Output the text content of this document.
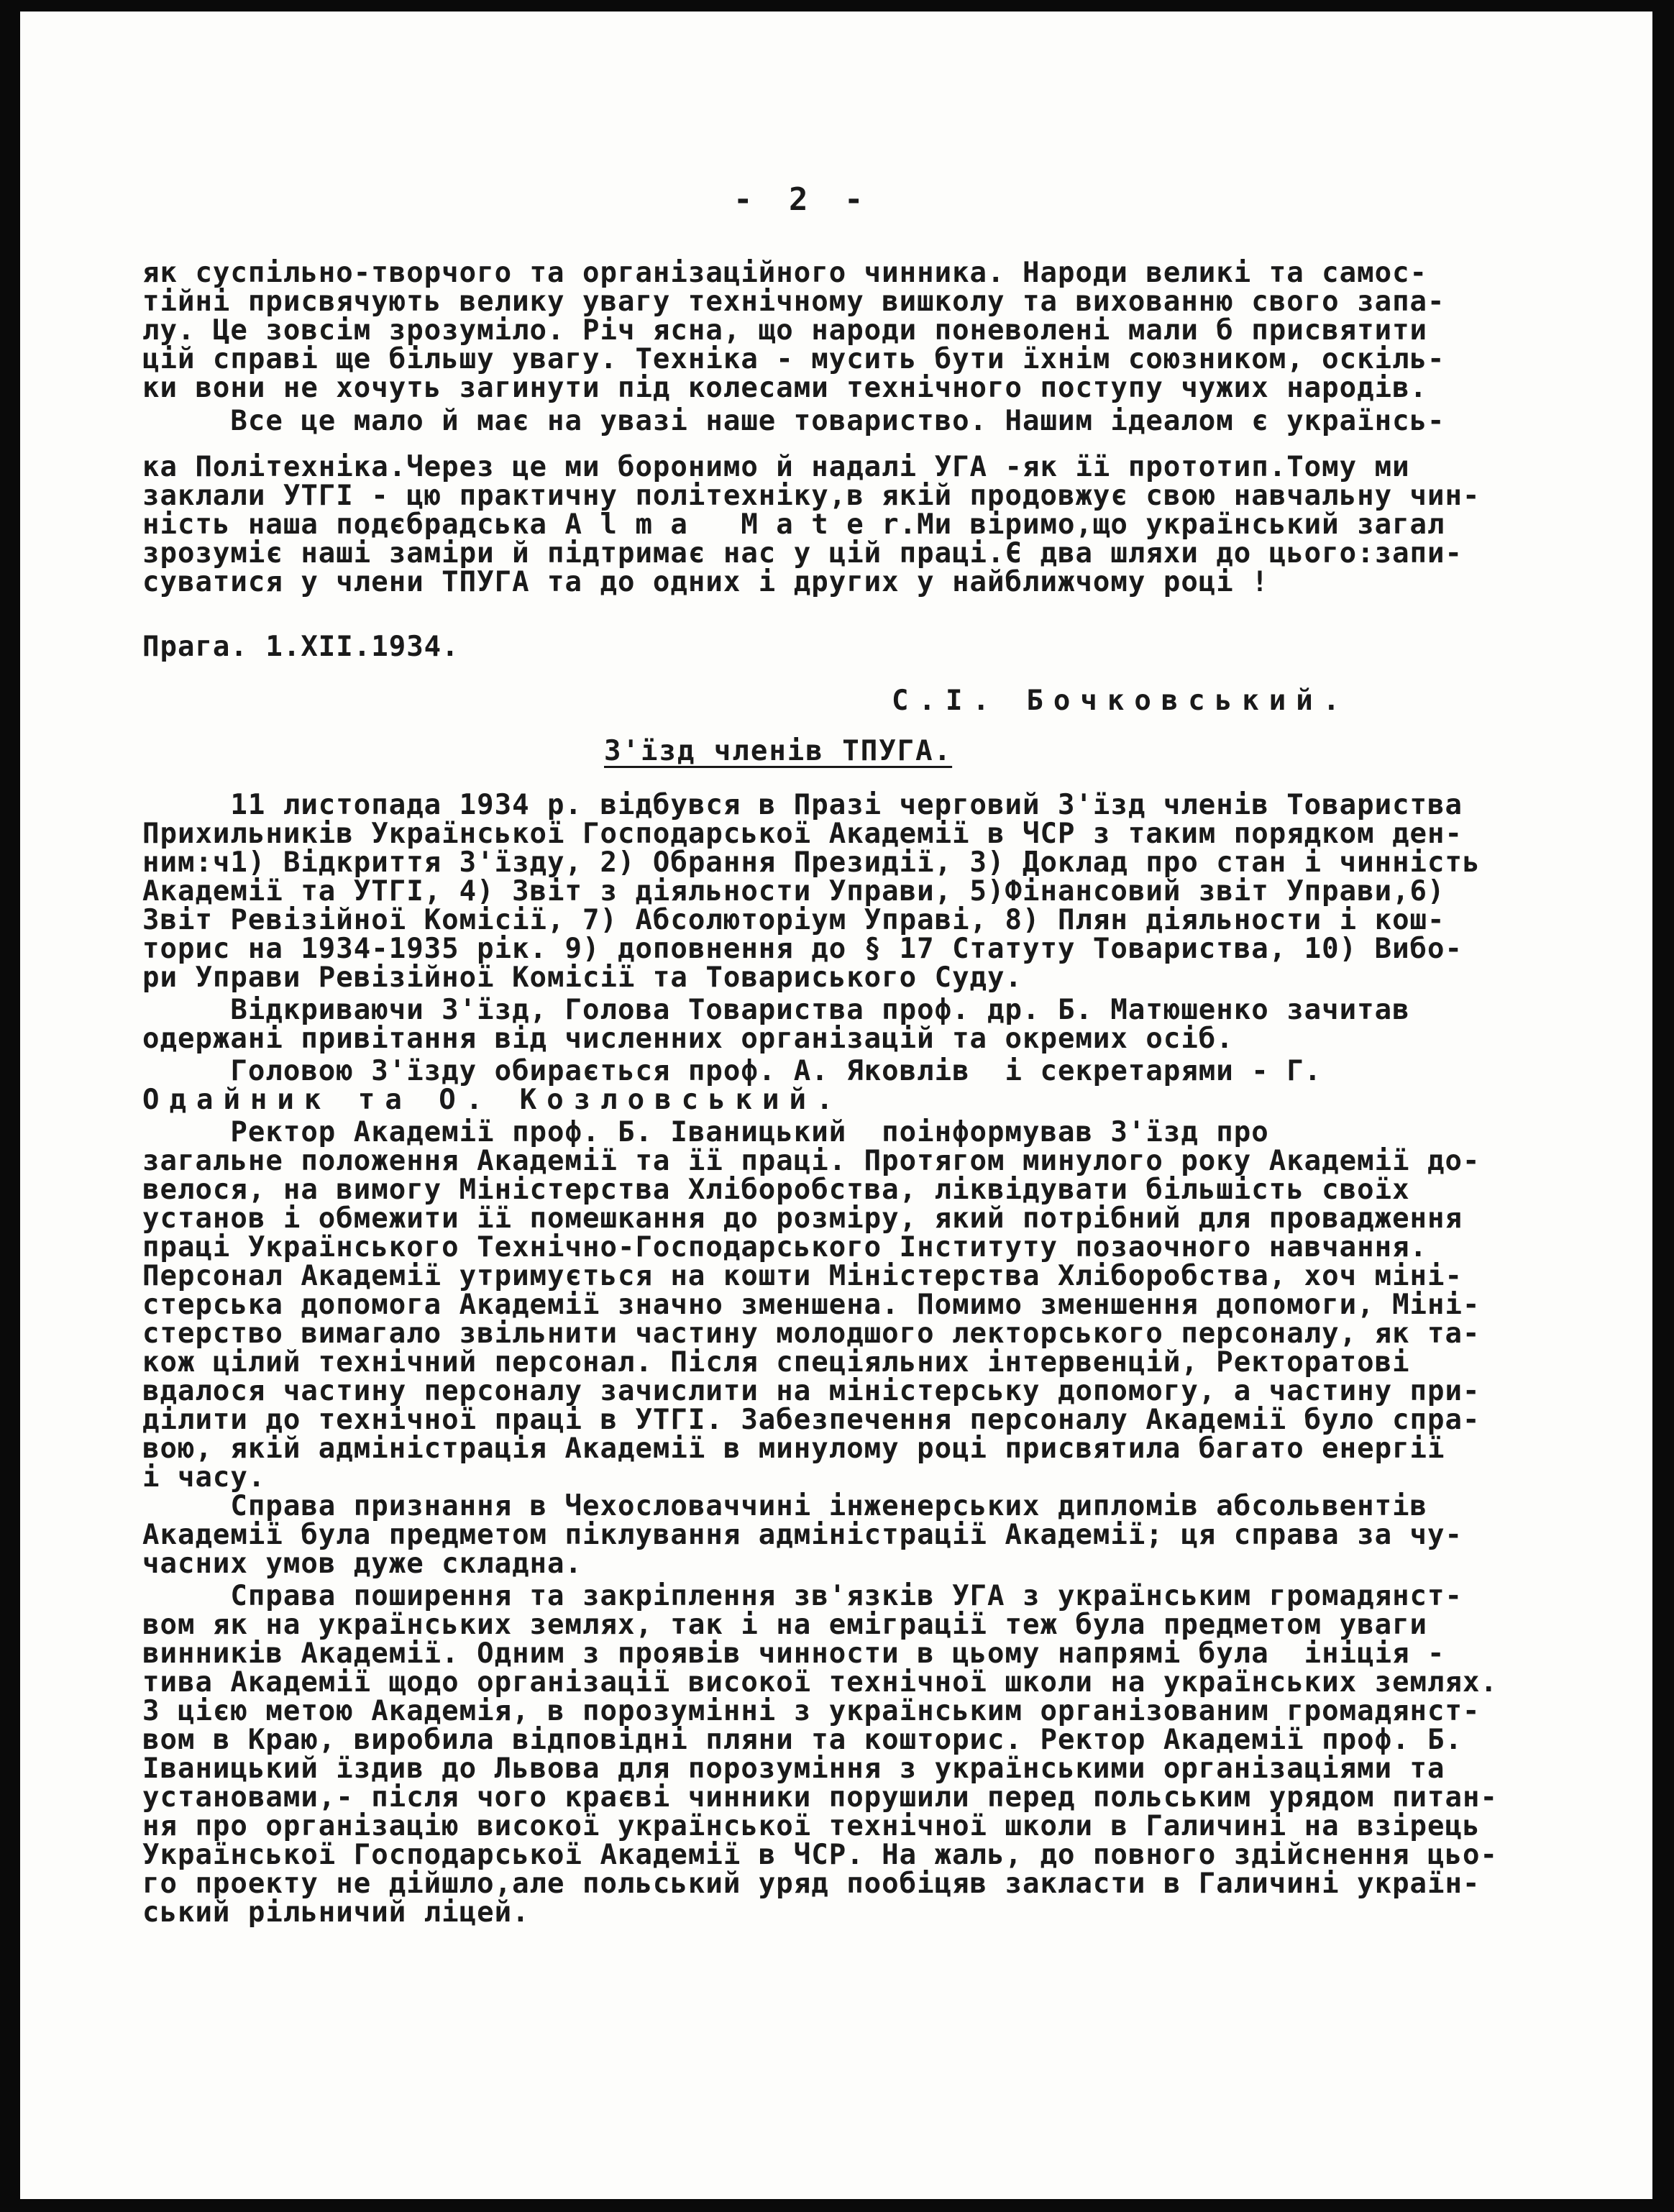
- 2 -
як суспільно-творчого та організаційного чинника. Народи великі та самос-
тійні присвячують велику увагу технічному вишколу та вихованню свого запа-
лу. Це зовсім зрозуміло. Річ ясна, що народи поневолені мали б присвятити
цій справі ще більшу увагу. Техніка - мусить бути їхнім союзником, оскіль-
ки вони не хочуть загинути під колесами технічного поступу чужих народів.
Все це мало й має на увазі наше товариство. Нашим ідеалом є українсь-
ка Політехніка.Через це ми боронимо й надалі УГА -як її прототип.Тому ми
заклали УТГІ - цю практичну політехніку,в якій продовжує свою навчальну чин-
ність наша подєбрадська А l m a   M a t e r.Ми віримо,що український загал
зрозуміє наші заміри й підтримає нас у цій праці.Є два шляхи до цього:запи-
суватися у члени ТПУГА та до одних і других у найближчому році !
Прага. 1.XII.1934.
С.І. Бочковський.
З'їзд членів ТПУГА.
11 листопада 1934 р. відбувся в Празі черговий З'їзд членів Товариства
Прихильників Української Господарської Академії в ЧСР з таким порядком ден-
ним:ч1) Відкриття З'їзду, 2) Обрання Президії, 3) Доклад про стан і чинність
Академії та УТГІ, 4) Звіт з діяльности Управи, 5)Фінансовий звіт Управи,6)
Звіт Ревізійної Комісії, 7) Абсолюторіум Управі, 8) Плян діяльности і кош-
торис на 1934-1935 рік. 9) доповнення до § 17 Статуту Товариства, 10) Вибо-
ри Управи Ревізійної Комісії та Товариського Суду.
Відкриваючи З'їзд, Голова Товариства проф. др. Б. Матюшенко зачитав
одержані привітання від численних організацій та окремих осіб.
Головою З'їзду обирається проф. А. Яковлів  і секретарями - Г.
Одайник та О. Козловський.
Ректор Академії проф. Б. Іваницький  поінформував З'їзд про
загальне положення Академії та її праці. Протягом минулого року Академії до-
велося, на вимогу Міністерства Хліборобства, ліквідувати більшість своїх
установ і обмежити її помешкання до розміру, який потрібний для провадження
праці Українського Технічно-Господарського Інституту позаочного навчання.
Персонал Академії утримується на кошти Міністерства Хліборобства, хоч міні-
стерська допомога Академії значно зменшена. Помимо зменшення допомоги, Міні-
стерство вимагало звільнити частину молодшого лекторського персоналу, як та-
кож цілий технічний персонал. Після спеціяльних інтервенцій, Ректоратові
вдалося частину персоналу зачислити на міністерську допомогу, а частину при-
ділити до технічної праці в УТГІ. Забезпечення персоналу Академії було спра-
вою, якій адміністрація Академії в минулому році присвятила багато енергії
і часу.
Справа признання в Чехословаччині інженерських дипломів абсольвентів
Академії була предметом піклування адміністрації Академії; ця справа за чу-
часних умов дуже складна.
Справа поширення та закріплення зв'язків УГА з українським громадянст-
вом як на українських землях, так і на еміграції теж була предметом уваги
винників Академії. Одним з проявів чинности в цьому напрямі була  ініція -
тива Академії щодо організації високої технічної школи на українських землях.
З цією метою Академія, в порозумінні з українським організованим громадянст-
вом в Краю, виробила відповідні пляни та кошторис. Ректор Академії проф. Б.
Іваницький їздив до Львова для порозуміння з українськими організаціями та
установами,- після чого краєві чинники порушили перед польським урядом питан-
ня про організацію високої української технічної школи в Галичині на взірець
Української Господарської Академії в ЧСР. На жаль, до повного здійснення цьо-
го проекту не дійшло,але польський уряд пообіцяв закласти в Галичині україн-
ський рільничий ліцей.
